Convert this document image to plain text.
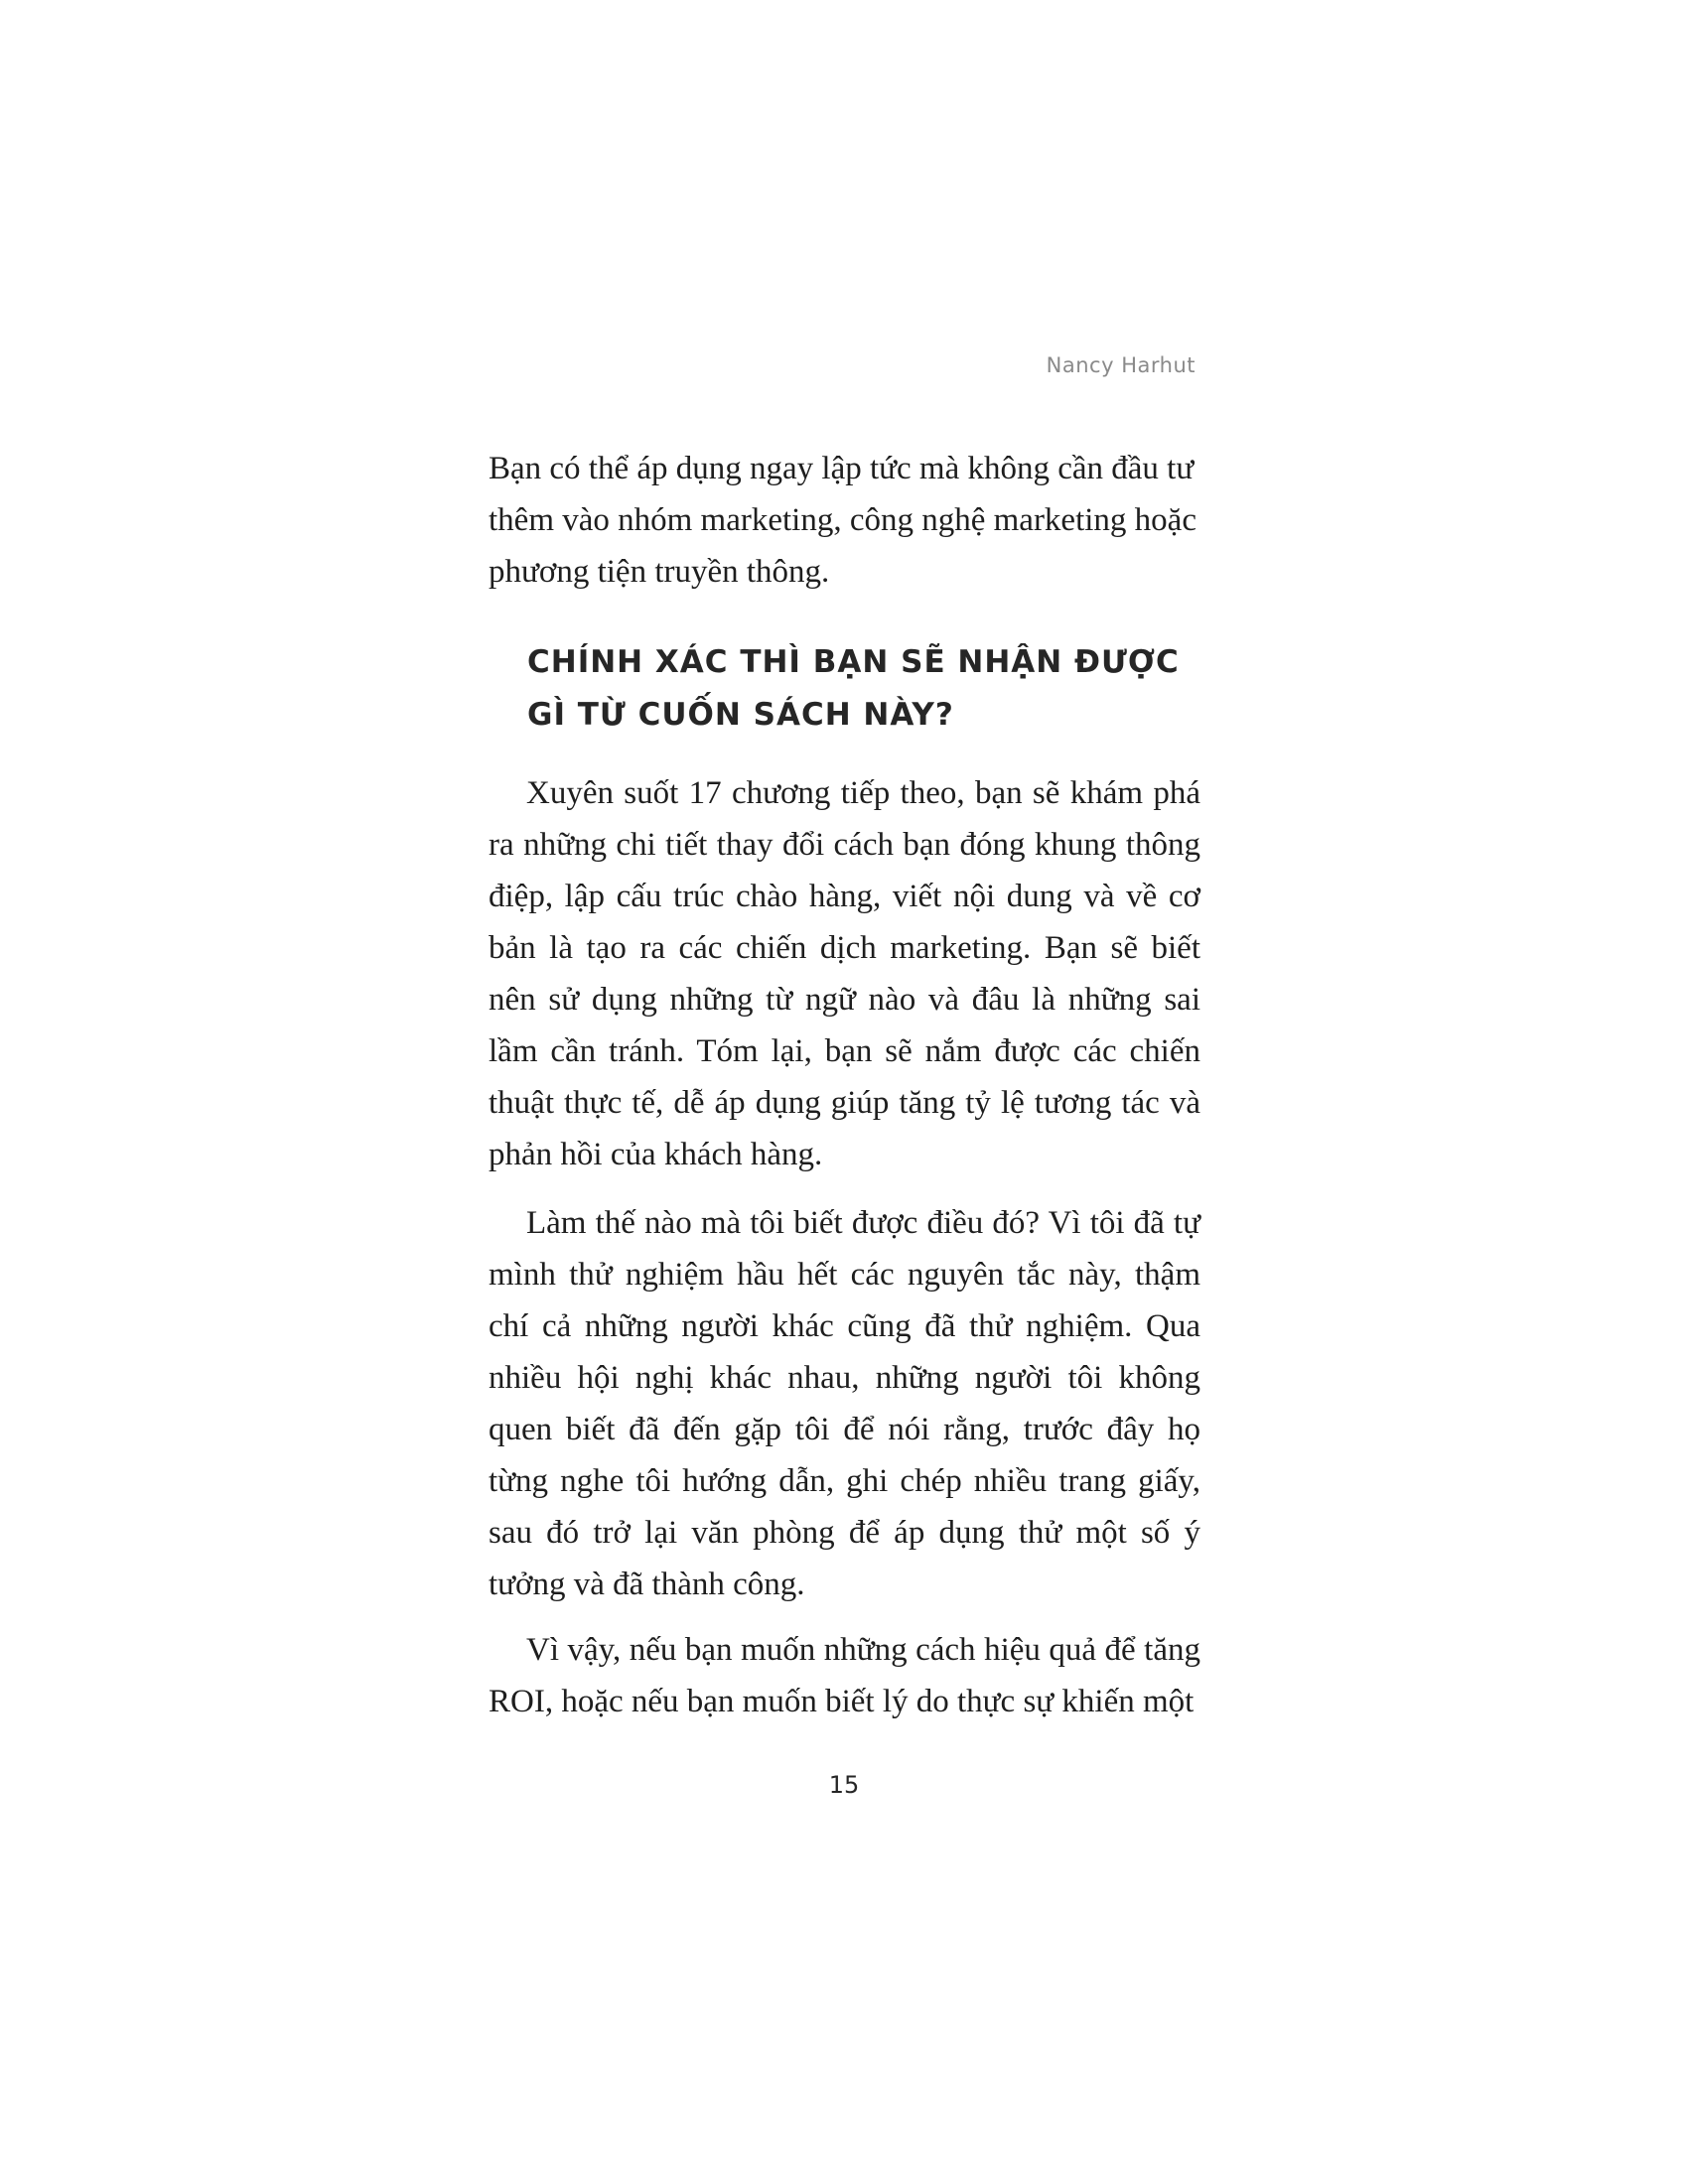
Nancy Harhut

Bạn có thể áp dụng ngay lập tức mà không cần đầu tư thêm vào nhóm marketing, công nghệ marketing hoặc phương tiện truyền thông.

CHÍNH XÁC THÌ BẠN SẼ NHẬN ĐƯỢC GÌ TỪ CUỐN SÁCH NÀY?

Xuyên suốt 17 chương tiếp theo, bạn sẽ khám phá ra những chi tiết thay đổi cách bạn đóng khung thông điệp, lập cấu trúc chào hàng, viết nội dung và về cơ bản là tạo ra các chiến dịch marketing. Bạn sẽ biết nên sử dụng những từ ngữ nào và đâu là những sai lầm cần tránh. Tóm lại, bạn sẽ nắm được các chiến thuật thực tế, dễ áp dụng giúp tăng tỷ lệ tương tác và phản hồi của khách hàng.

Làm thế nào mà tôi biết được điều đó? Vì tôi đã tự mình thử nghiệm hầu hết các nguyên tắc này, thậm chí cả những người khác cũng đã thử nghiệm. Qua nhiều hội nghị khác nhau, những người tôi không quen biết đã đến gặp tôi để nói rằng, trước đây họ từng nghe tôi hướng dẫn, ghi chép nhiều trang giấy, sau đó trở lại văn phòng để áp dụng thử một số ý tưởng và đã thành công.

Vì vậy, nếu bạn muốn những cách hiệu quả để tăng ROI, hoặc nếu bạn muốn biết lý do thực sự khiến một

15
